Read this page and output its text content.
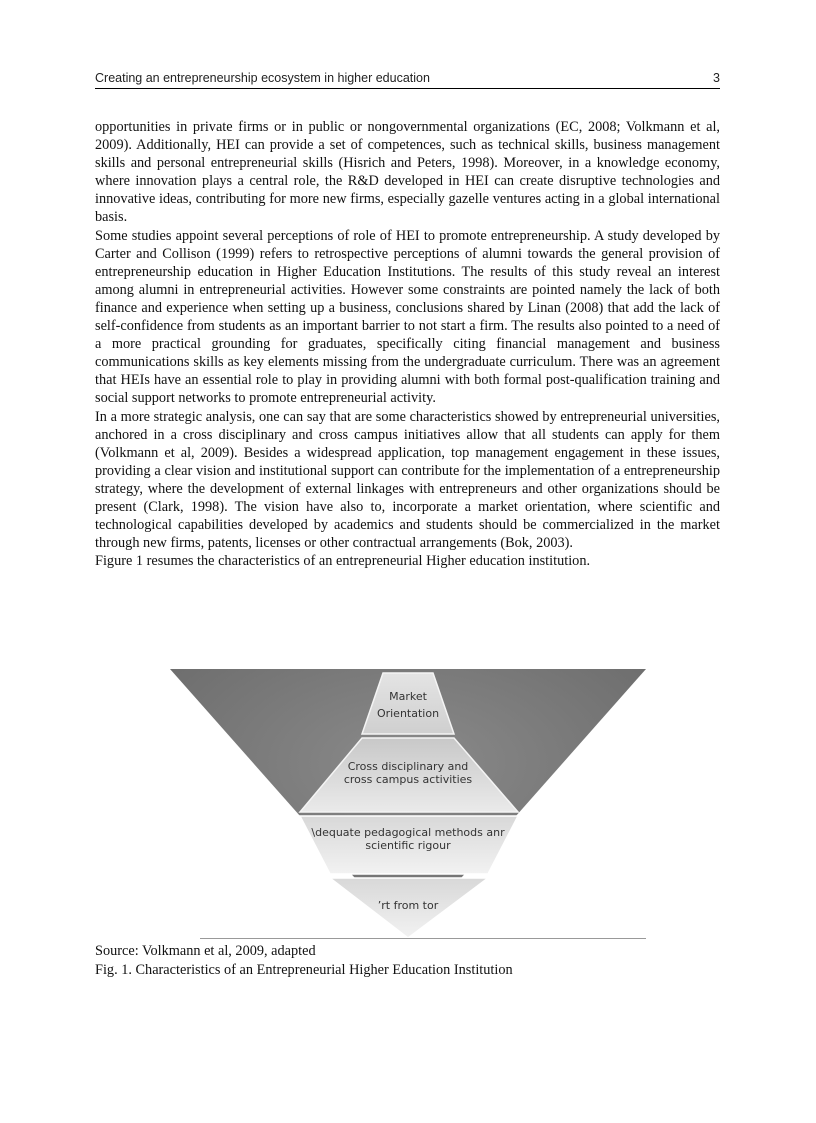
Creating an entrepreneurship ecosystem in higher education	3

opportunities in private firms or in public or nongovernmental organizations (EC, 2008; Volkmann et al, 2009). Additionally, HEI can provide a set of competences, such as technical skills, business management skills and personal entrepreneurial skills (Hisrich and Peters, 1998). Moreover, in a knowledge economy, where innovation plays a central role, the R&D developed in HEI can create disruptive technologies and innovative ideas, contributing for more new firms, especially gazelle ventures acting in a global international basis.

Some studies appoint several perceptions of role of HEI to promote entrepreneurship. A study developed by Carter and Collison (1999) refers to retrospective perceptions of alumni towards the general provision of entrepreneurship education in Higher Education Institutions. The results of this study reveal an interest among alumni in entrepreneurial activities. However some constraints are pointed namely the lack of both finance and experience when setting up a business, conclusions shared by Linan (2008) that add the lack of self-confidence from students as an important barrier to not start a firm. The results also pointed to a need of a more practical grounding for graduates, specifically citing financial management and business communications skills as key elements missing from the undergraduate curriculum. There was an agreement that HEIs have an essential role to play in providing alumni with both formal post-qualification training and social support networks to promote entrepreneurial activity.

In a more strategic analysis, one can say that are some characteristics showed by entrepreneurial universities, anchored in a cross disciplinary and cross campus initiatives allow that all students can apply for them (Volkmann et al, 2009). Besides a widespread application, top management engagement in these issues, providing a clear vision and institutional support can contribute for the implementation of a entrepreneurship strategy, where the development of external linkages with entrepreneurs and other organizations should be present (Clark, 1998). The vision have also to, incorporate a market orientation, where scientific and technological capabilities developed by academics and students should be commercialized in the market through new firms, patents, licenses or other contractual arrangements (Bok, 2003).

Figure 1 resumes the characteristics of an entrepreneurial Higher education institution.

Market
Orientation
Cross disciplinary and
cross campus activities
\dequate pedagogical methods anr
scientific rigour
’rt from tor
Source: Volkmann et al, 2009, adapted
Fig. 1. Characteristics of an Entrepreneurial Higher Education Institution
